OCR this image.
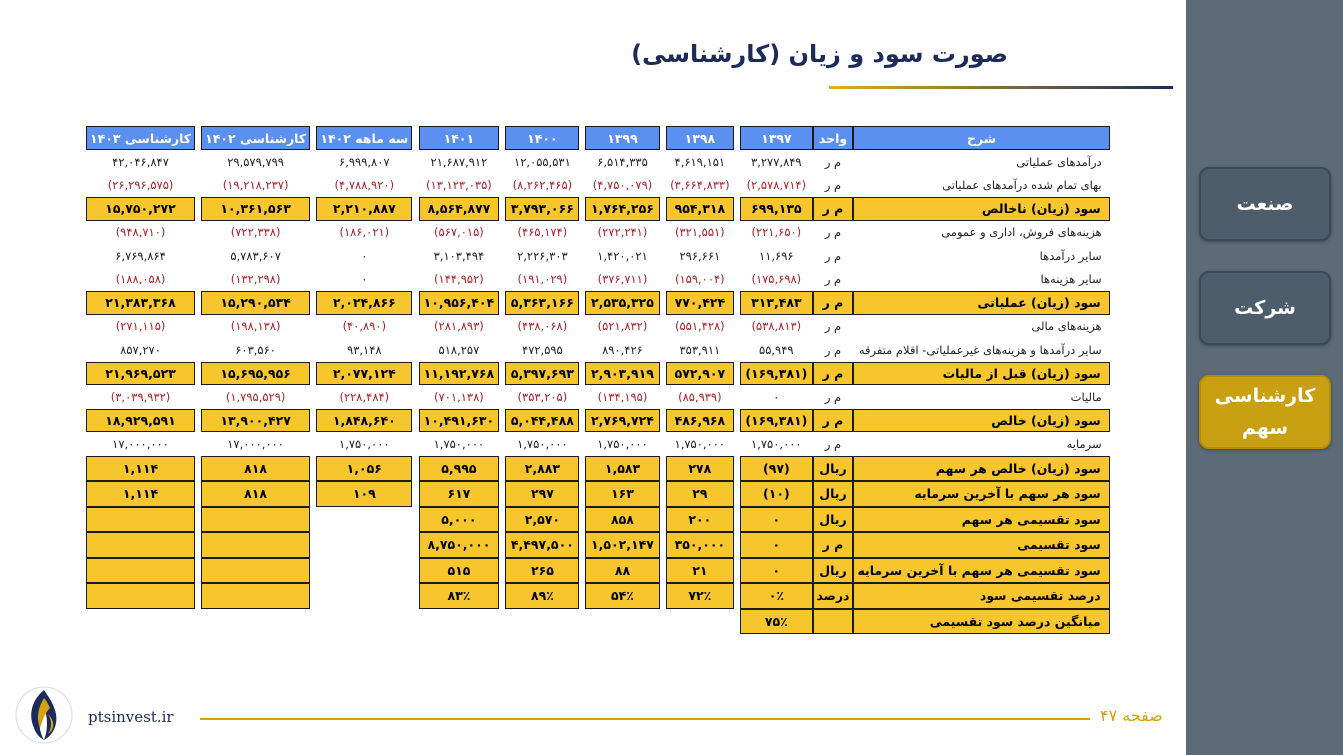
صورت سود و زیان (کارشناسی)
کارشناسی ۱۴۰۳		کارشناسی ۱۴۰۲		سه ماهه ۱۴۰۲		۱۴۰۱		۱۴۰۰		۱۳۹۹		۱۳۹۸		۱۳۹۷	واحد	شرح
۴۲,۰۴۶,۸۴۷		۲۹,۵۷۹,۷۹۹		۶,۹۹۹,۸۰۷		۲۱,۶۸۷,۹۱۲		۱۲,۰۵۵,۵۳۱		۶,۵۱۴,۳۳۵		۴,۶۱۹,۱۵۱		۳,۲۷۷,۸۴۹	م ر	درآمدهای عملیاتی
(۲۶,۲۹۶,۵۷۵)		(۱۹,۲۱۸,۲۳۷)		(۴,۷۸۸,۹۲۰)		(۱۳,۱۲۳,۰۳۵)		(۸,۲۶۲,۴۶۵)		(۴,۷۵۰,۰۷۹)		(۳,۶۶۴,۸۳۳)		(۲,۵۷۸,۷۱۴)	م ر	بهای تمام شده درآمدهای عملیاتی
۱۵,۷۵۰,۲۷۲		۱۰,۳۶۱,۵۶۳		۲,۲۱۰,۸۸۷		۸,۵۶۴,۸۷۷		۳,۷۹۳,۰۶۶		۱,۷۶۴,۲۵۶		۹۵۴,۳۱۸		۶۹۹,۱۳۵	م ر	سود (زیان) ناخالص
(۹۴۸,۷۱۰)		(۷۲۲,۳۳۸)		(۱۸۶,۰۲۱)		(۵۶۷,۰۱۵)		(۴۶۵,۱۷۴)		(۲۷۲,۲۴۱)		(۳۲۱,۵۵۱)		(۲۲۱,۶۵۰)	م ر	هزینه‌های فروش، اداری و عمومی
۶,۷۶۹,۸۶۴		۵,۷۸۳,۶۰۷		۰		۳,۱۰۳,۴۹۴		۲,۲۲۶,۳۰۳		۱,۴۲۰,۰۲۱		۲۹۶,۶۶۱		۱۱,۶۹۶	م ر	سایر درآمدها
(۱۸۸,۰۵۸)		(۱۳۲,۲۹۸)		۰		(۱۴۴,۹۵۲)		(۱۹۱,۰۲۹)		(۳۷۶,۷۱۱)		(۱۵۹,۰۰۴)		(۱۷۵,۶۹۸)	م ر	سایر هزینه‌ها
۲۱,۳۸۳,۳۶۸		۱۵,۲۹۰,۵۳۴		۲,۰۲۴,۸۶۶		۱۰,۹۵۶,۴۰۴		۵,۳۶۳,۱۶۶		۲,۵۳۵,۳۲۵		۷۷۰,۴۲۴		۳۱۳,۴۸۳	م ر	سود (زیان) عملیاتی
(۲۷۱,۱۱۵)		(۱۹۸,۱۳۸)		(۴۰,۸۹۰)		(۲۸۱,۸۹۳)		(۴۳۸,۰۶۸)		(۵۲۱,۸۳۲)		(۵۵۱,۴۲۸)		(۵۳۸,۸۱۳)	م ر	هزینه‌های مالی
۸۵۷,۲۷۰		۶۰۳,۵۶۰		۹۳,۱۴۸		۵۱۸,۲۵۷		۴۷۲,۵۹۵		۸۹۰,۴۲۶		۳۵۳,۹۱۱		۵۵,۹۴۹	م ر	سایر درآمدها و هزینه‌های غیرعملیاتی- اقلام متفرقه
۲۱,۹۶۹,۵۲۳		۱۵,۶۹۵,۹۵۶		۲,۰۷۷,۱۲۴		۱۱,۱۹۲,۷۶۸		۵,۳۹۷,۶۹۳		۲,۹۰۳,۹۱۹		۵۷۲,۹۰۷		(۱۶۹,۳۸۱)	م ر	سود (زیان) قبل از مالیات
(۳,۰۳۹,۹۳۲)		(۱,۷۹۵,۵۲۹)		(۲۲۸,۴۸۴)		(۷۰۱,۱۳۸)		(۳۵۳,۲۰۵)		(۱۳۴,۱۹۵)		(۸۵,۹۳۹)		۰	م ر	مالیات
۱۸,۹۲۹,۵۹۱		۱۳,۹۰۰,۴۲۷		۱,۸۴۸,۶۴۰		۱۰,۴۹۱,۶۳۰		۵,۰۴۴,۴۸۸		۲,۷۶۹,۷۲۴		۴۸۶,۹۶۸		(۱۶۹,۳۸۱)	م ر	سود (زیان) خالص
۱۷,۰۰۰,۰۰۰		۱۷,۰۰۰,۰۰۰		۱,۷۵۰,۰۰۰		۱,۷۵۰,۰۰۰		۱,۷۵۰,۰۰۰		۱,۷۵۰,۰۰۰		۱,۷۵۰,۰۰۰		۱,۷۵۰,۰۰۰	م ر	سرمایه
۱,۱۱۴		۸۱۸		۱,۰۵۶		۵,۹۹۵		۲,۸۸۳		۱,۵۸۳		۲۷۸		(۹۷)	ریال	سود (زیان) خالص هر سهم
۱,۱۱۴		۸۱۸		۱۰۹		۶۱۷		۲۹۷		۱۶۳		۲۹		(۱۰)	ریال	سود هر سهم با آخرین سرمایه
						۵,۰۰۰		۲,۵۷۰		۸۵۸		۲۰۰		۰	ریال	سود تقسیمی هر سهم
						۸,۷۵۰,۰۰۰		۴,۴۹۷,۵۰۰		۱,۵۰۲,۱۴۷		۳۵۰,۰۰۰		۰	م ر	سود تقسیمی
						۵۱۵		۲۶۵		۸۸		۲۱		۰	ریال	سود تقسیمی هر سهم با آخرین سرمایه
						۸۳٪		۸۹٪		۵۴٪		۷۲٪		۰٪	درصد	درصد تقسیمی سود
														۷۵٪		میانگین درصد سود تقسیمی
ptsinvest.ir	صفحه ۴۷
صنعت
شرکت
کارشناسی سهم
